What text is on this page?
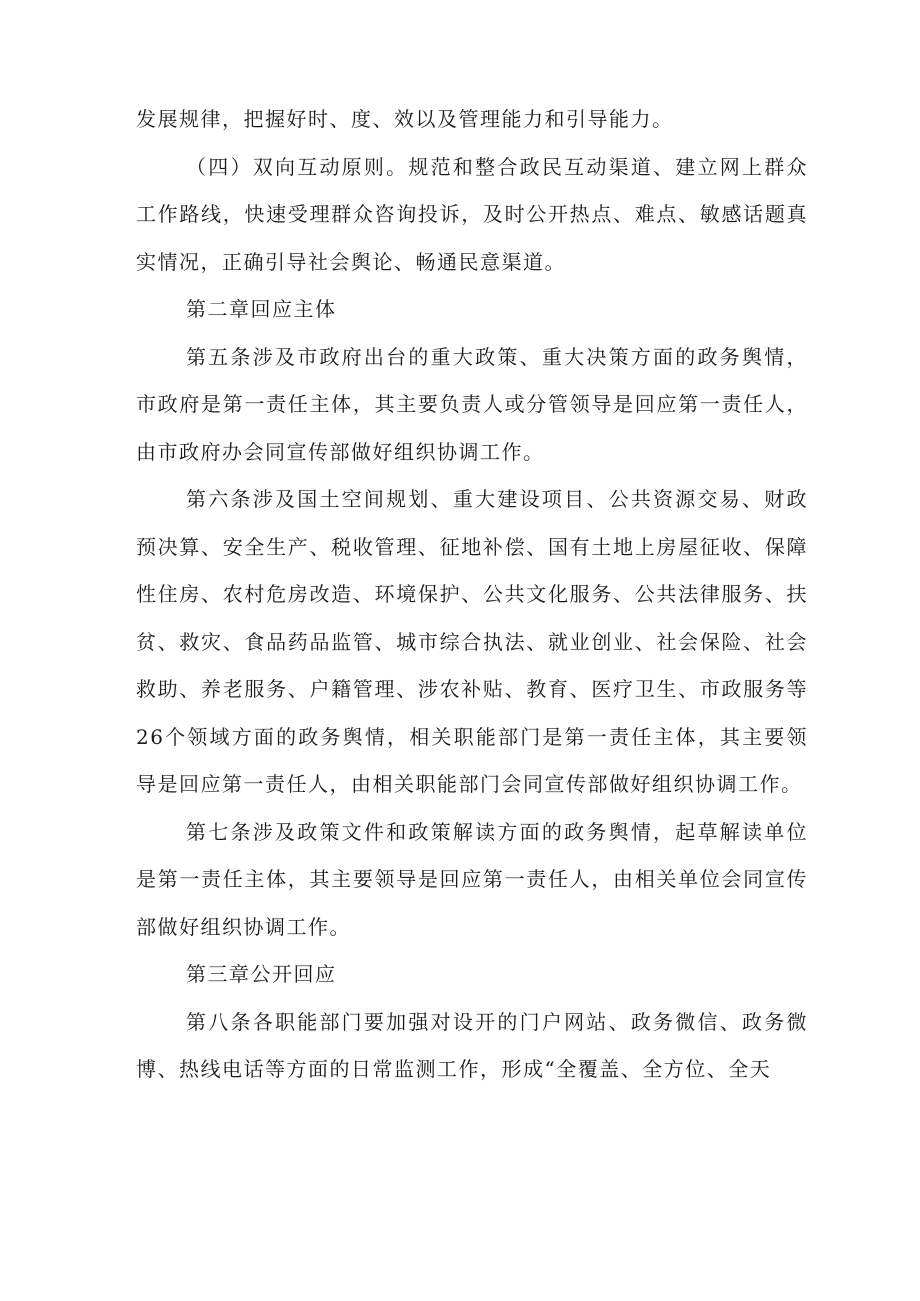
发展规律，把握好时、度、效以及管理能力和引导能力。

（四）双向互动原则。规范和整合政民互动渠道、建立网上群众工作路线，快速受理群众咨询投诉，及时公开热点、难点、敏感话题真实情况，正确引导社会舆论、畅通民意渠道。

第二章回应主体

第五条涉及市政府出台的重大政策、重大决策方面的政务舆情，市政府是第一责任主体，其主要负责人或分管领导是回应第一责任人，由市政府办会同宣传部做好组织协调工作。

第六条涉及国土空间规划、重大建设项目、公共资源交易、财政预决算、安全生产、税收管理、征地补偿、国有土地上房屋征收、保障性住房、农村危房改造、环境保护、公共文化服务、公共法律服务、扶贫、救灾、食品药品监管、城市综合执法、就业创业、社会保险、社会救助、养老服务、户籍管理、涉农补贴、教育、医疗卫生、市政服务等26个领域方面的政务舆情，相关职能部门是第一责任主体，其主要领导是回应第一责任人，由相关职能部门会同宣传部做好组织协调工作。

第七条涉及政策文件和政策解读方面的政务舆情，起草解读单位是第一责任主体，其主要领导是回应第一责任人，由相关单位会同宣传部做好组织协调工作。

第三章公开回应

第八条各职能部门要加强对设开的门户网站、政务微信、政务微博、热线电话等方面的日常监测工作，形成“全覆盖、全方位、全天
